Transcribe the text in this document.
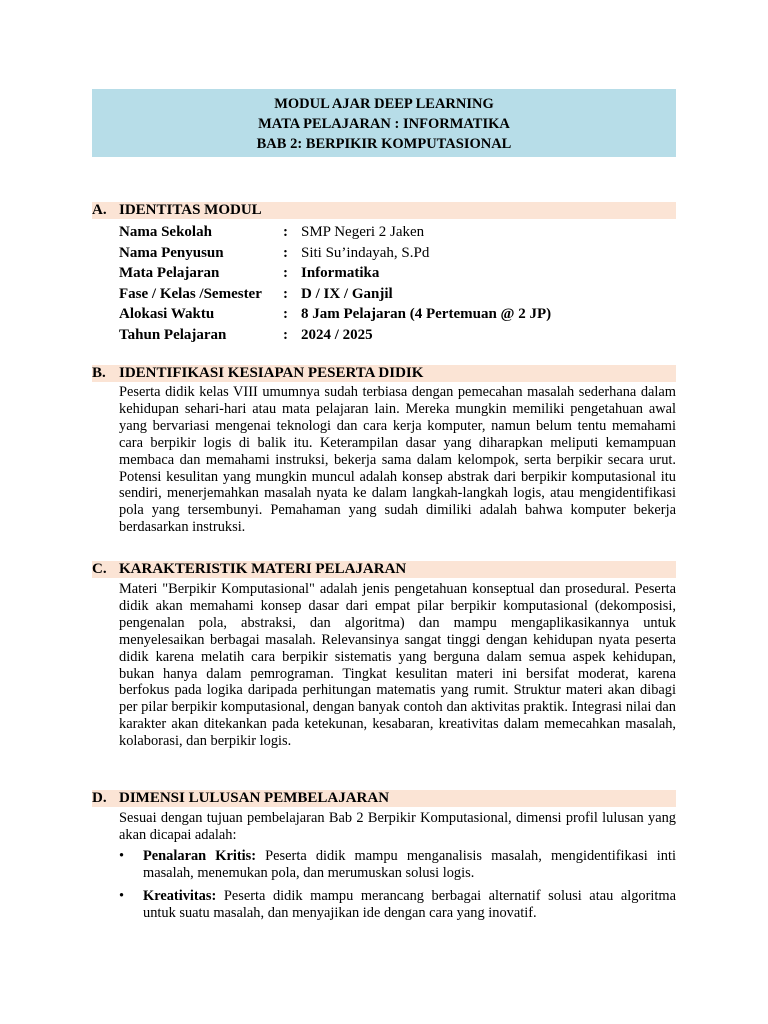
MODUL AJAR DEEP LEARNING
MATA PELAJARAN : INFORMATIKA
BAB 2: BERPIKIR KOMPUTASIONAL
A. IDENTITAS MODUL
Nama Sekolah	: SMP Negeri 2 Jaken
Nama Penyusun	: Siti Su’indayah, S.Pd
Mata Pelajaran	: Informatika
Fase / Kelas /Semester : D / IX / Ganjil
Alokasi Waktu	: 8 Jam Pelajaran (4 Pertemuan @ 2 JP)
Tahun Pelajaran	: 2024 / 2025
B. IDENTIFIKASI KESIAPAN PESERTA DIDIK
Peserta didik kelas VIII umumnya sudah terbiasa dengan pemecahan masalah sederhana dalam kehidupan sehari-hari atau mata pelajaran lain. Mereka mungkin memiliki pengetahuan awal yang bervariasi mengenai teknologi dan cara kerja komputer, namun belum tentu memahami cara berpikir logis di balik itu. Keterampilan dasar yang diharapkan meliputi kemampuan membaca dan memahami instruksi, bekerja sama dalam kelompok, serta berpikir secara urut. Potensi kesulitan yang mungkin muncul adalah konsep abstrak dari berpikir komputasional itu sendiri, menerjemahkan masalah nyata ke dalam langkah-langkah logis, atau mengidentifikasi pola yang tersembunyi. Pemahaman yang sudah dimiliki adalah bahwa komputer bekerja berdasarkan instruksi.
C. KARAKTERISTIK MATERI PELAJARAN
Materi "Berpikir Komputasional" adalah jenis pengetahuan konseptual dan prosedural. Peserta didik akan memahami konsep dasar dari empat pilar berpikir komputasional (dekomposisi, pengenalan pola, abstraksi, dan algoritma) dan mampu mengaplikasikannya untuk menyelesaikan berbagai masalah. Relevansinya sangat tinggi dengan kehidupan nyata peserta didik karena melatih cara berpikir sistematis yang berguna dalam semua aspek kehidupan, bukan hanya dalam pemrograman. Tingkat kesulitan materi ini bersifat moderat, karena berfokus pada logika daripada perhitungan matematis yang rumit. Struktur materi akan dibagi per pilar berpikir komputasional, dengan banyak contoh dan aktivitas praktik. Integrasi nilai dan karakter akan ditekankan pada ketekunan, kesabaran, kreativitas dalam memecahkan masalah, kolaborasi, dan berpikir logis.
D. DIMENSI LULUSAN PEMBELAJARAN
Sesuai dengan tujuan pembelajaran Bab 2 Berpikir Komputasional, dimensi profil lulusan yang akan dicapai adalah:
• Penalaran Kritis: Peserta didik mampu menganalisis masalah, mengidentifikasi inti masalah, menemukan pola, dan merumuskan solusi logis.
• Kreativitas: Peserta didik mampu merancang berbagai alternatif solusi atau algoritma untuk suatu masalah, dan menyajikan ide dengan cara yang inovatif.
